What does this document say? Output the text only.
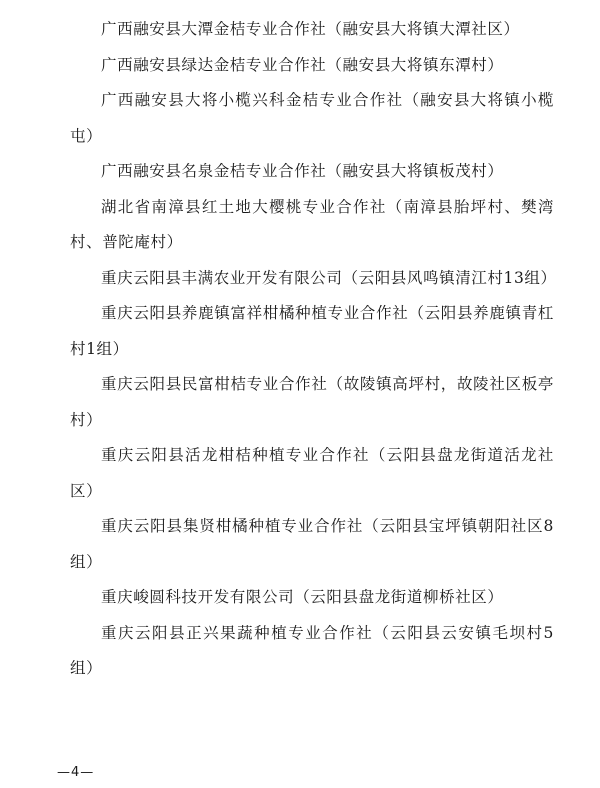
广西融安县大潭金桔专业合作社（融安县大将镇大潭社区）
广西融安县绿达金桔专业合作社（融安县大将镇东潭村）
广西融安县大将小榄兴科金桔专业合作社（融安县大将镇小榄屯）
广西融安县名泉金桔专业合作社（融安县大将镇板茂村）
湖北省南漳县红土地大樱桃专业合作社（南漳县胎坪村、樊湾村、普陀庵村）
重庆云阳县丰满农业开发有限公司（云阳县风鸣镇清江村13组）
重庆云阳县养鹿镇富祥柑橘种植专业合作社（云阳县养鹿镇青杠村1组）
重庆云阳县民富柑桔专业合作社（故陵镇高坪村，故陵社区板亭村）
重庆云阳县活龙柑桔种植专业合作社（云阳县盘龙街道活龙社区）
重庆云阳县集贤柑橘种植专业合作社（云阳县宝坪镇朝阳社区8组）
重庆峻圆科技开发有限公司（云阳县盘龙街道柳桥社区）
重庆云阳县正兴果蔬种植专业合作社（云阳县云安镇毛坝村5组）
—4—
